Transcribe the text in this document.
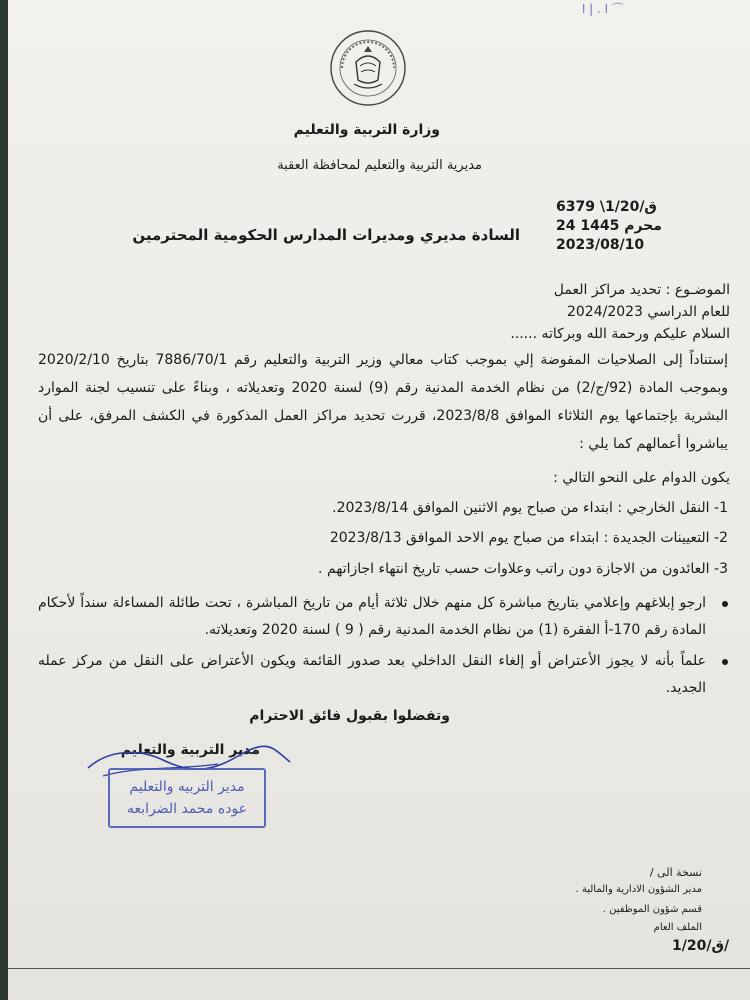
ا . | ا ⌒
وزارة التربية والتعليم
مديرية التربية والتعليم لمحافظة العقبة
ق/1/20\ 6379
24 محرم 1445
2023/08/10
السادة مديري ومديرات المدارس الحكومية المحترمين
الموضـوع : تحديد مراكز العمل
للعام الدراسي 2024/2023
السلام عليكم ورحمة الله وبركاته ......
إستناداً إلى الصلاحيات المفوضة إلي بموجب كتاب معالي وزير التربية والتعليم رقم 7886/70/1 بتاريخ 2020/2/10 وبموجب المادة (92/ج/2) من نظام الخدمة المدنية رقم (9) لسنة 2020 وتعديلاته ، وبناءً على تنسيب لجنة الموارد البشرية بإجتماعها يوم الثلاثاء الموافق 2023/8/8، قررت تحديد مراكز العمل المذكورة في الكشف المرفق، على أن يباشروا أعمالهم كما يلي :
يكون الدوام على النحو التالي :
1- النقل الخارجي : ابتداء من صباح يوم الاثنين الموافق 2023/8/14.
2- التعيينات الجديدة : ابتداء من صباح يوم الاحد الموافق 2023/8/13
3- العائدون من الاجازة دون راتب وعلاوات حسب تاريخ انتهاء اجازاتهم .
ارجو إبلاغهم وإعلامي بتاريخ مباشرة كل منهم خلال ثلاثة أيام من تاريخ المباشرة ، تحت طائلة المساءلة سنداً لأحكام المادة رقم 170-أ الفقرة (1) من نظام الخدمة المدنية رقم ( 9 ) لسنة 2020 وتعديلاته.
علماً بأنه لا يجوز الأعتراض أو إلغاء النقل الداخلي بعد صدور القائمة ويكون الأعتراض على النقل من مركز عمله الجديد.
وتفضلوا بقبول فائق الاحترام
مدير التربية والتعليم
مدير التربيه والتعليم
عوده محمد الضرابعه
نسخة الى /
مدير الشؤون الادارية والمالية .
قسم شؤون الموظفين .
الملف العام
ق/1/20/
